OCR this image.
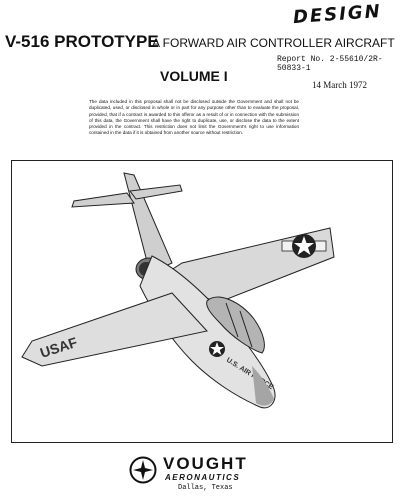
DESIGN
V-516 PROTOTYPE
A FORWARD AIR CONTROLLER AIRCRAFT
Report No. 2-55610/2R-50833-1
14 March 1972
VOLUME I
The data included in this proposal shall not be disclosed outside the Government and shall not be duplicated, used, or disclosed in whole or in part for any purpose other than to evaluate the proposal, provided, that if a contract is awarded to this offeror as a result of or in connection with the submission of this data, the Government shall have the right to duplicate, use, or disclose the data to the extent provided in the contract. This restriction does not limit the Government's right to use information contained in the data if it is obtained from another source without restriction.
USAF
U.S. AIR FORCE
VOUGHT
AERONAUTICS
Dallas, Texas
